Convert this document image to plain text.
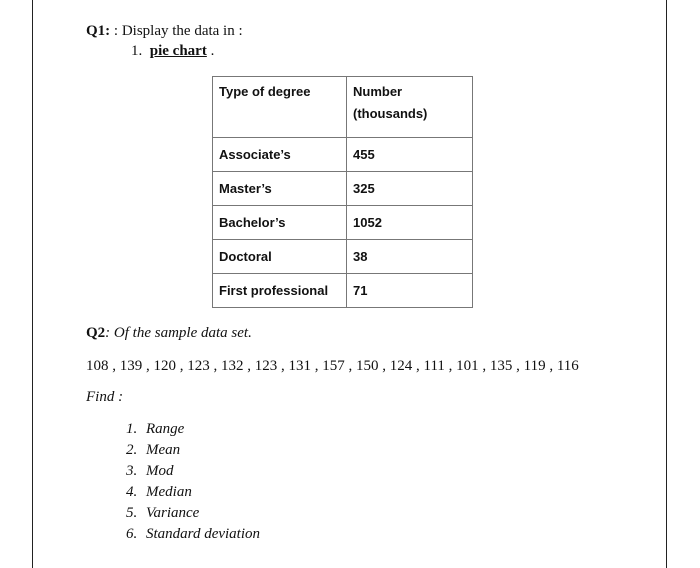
Q1: : Display the data in :
1. pie chart .
Type of degree	Number
(thousands)
Associate’s	455
Master’s	325
Bachelor’s	1052
Doctoral	38
First professional	71
Q2: Of the sample data set.
108 , 139 , 120 , 123 , 132 , 123 , 131 , 157 , 150 , 124 , 111 , 101 , 135 , 119 , 116
Find :
1. Range
2. Mean
3. Mod
4. Median
5. Variance
6. Standard deviation
